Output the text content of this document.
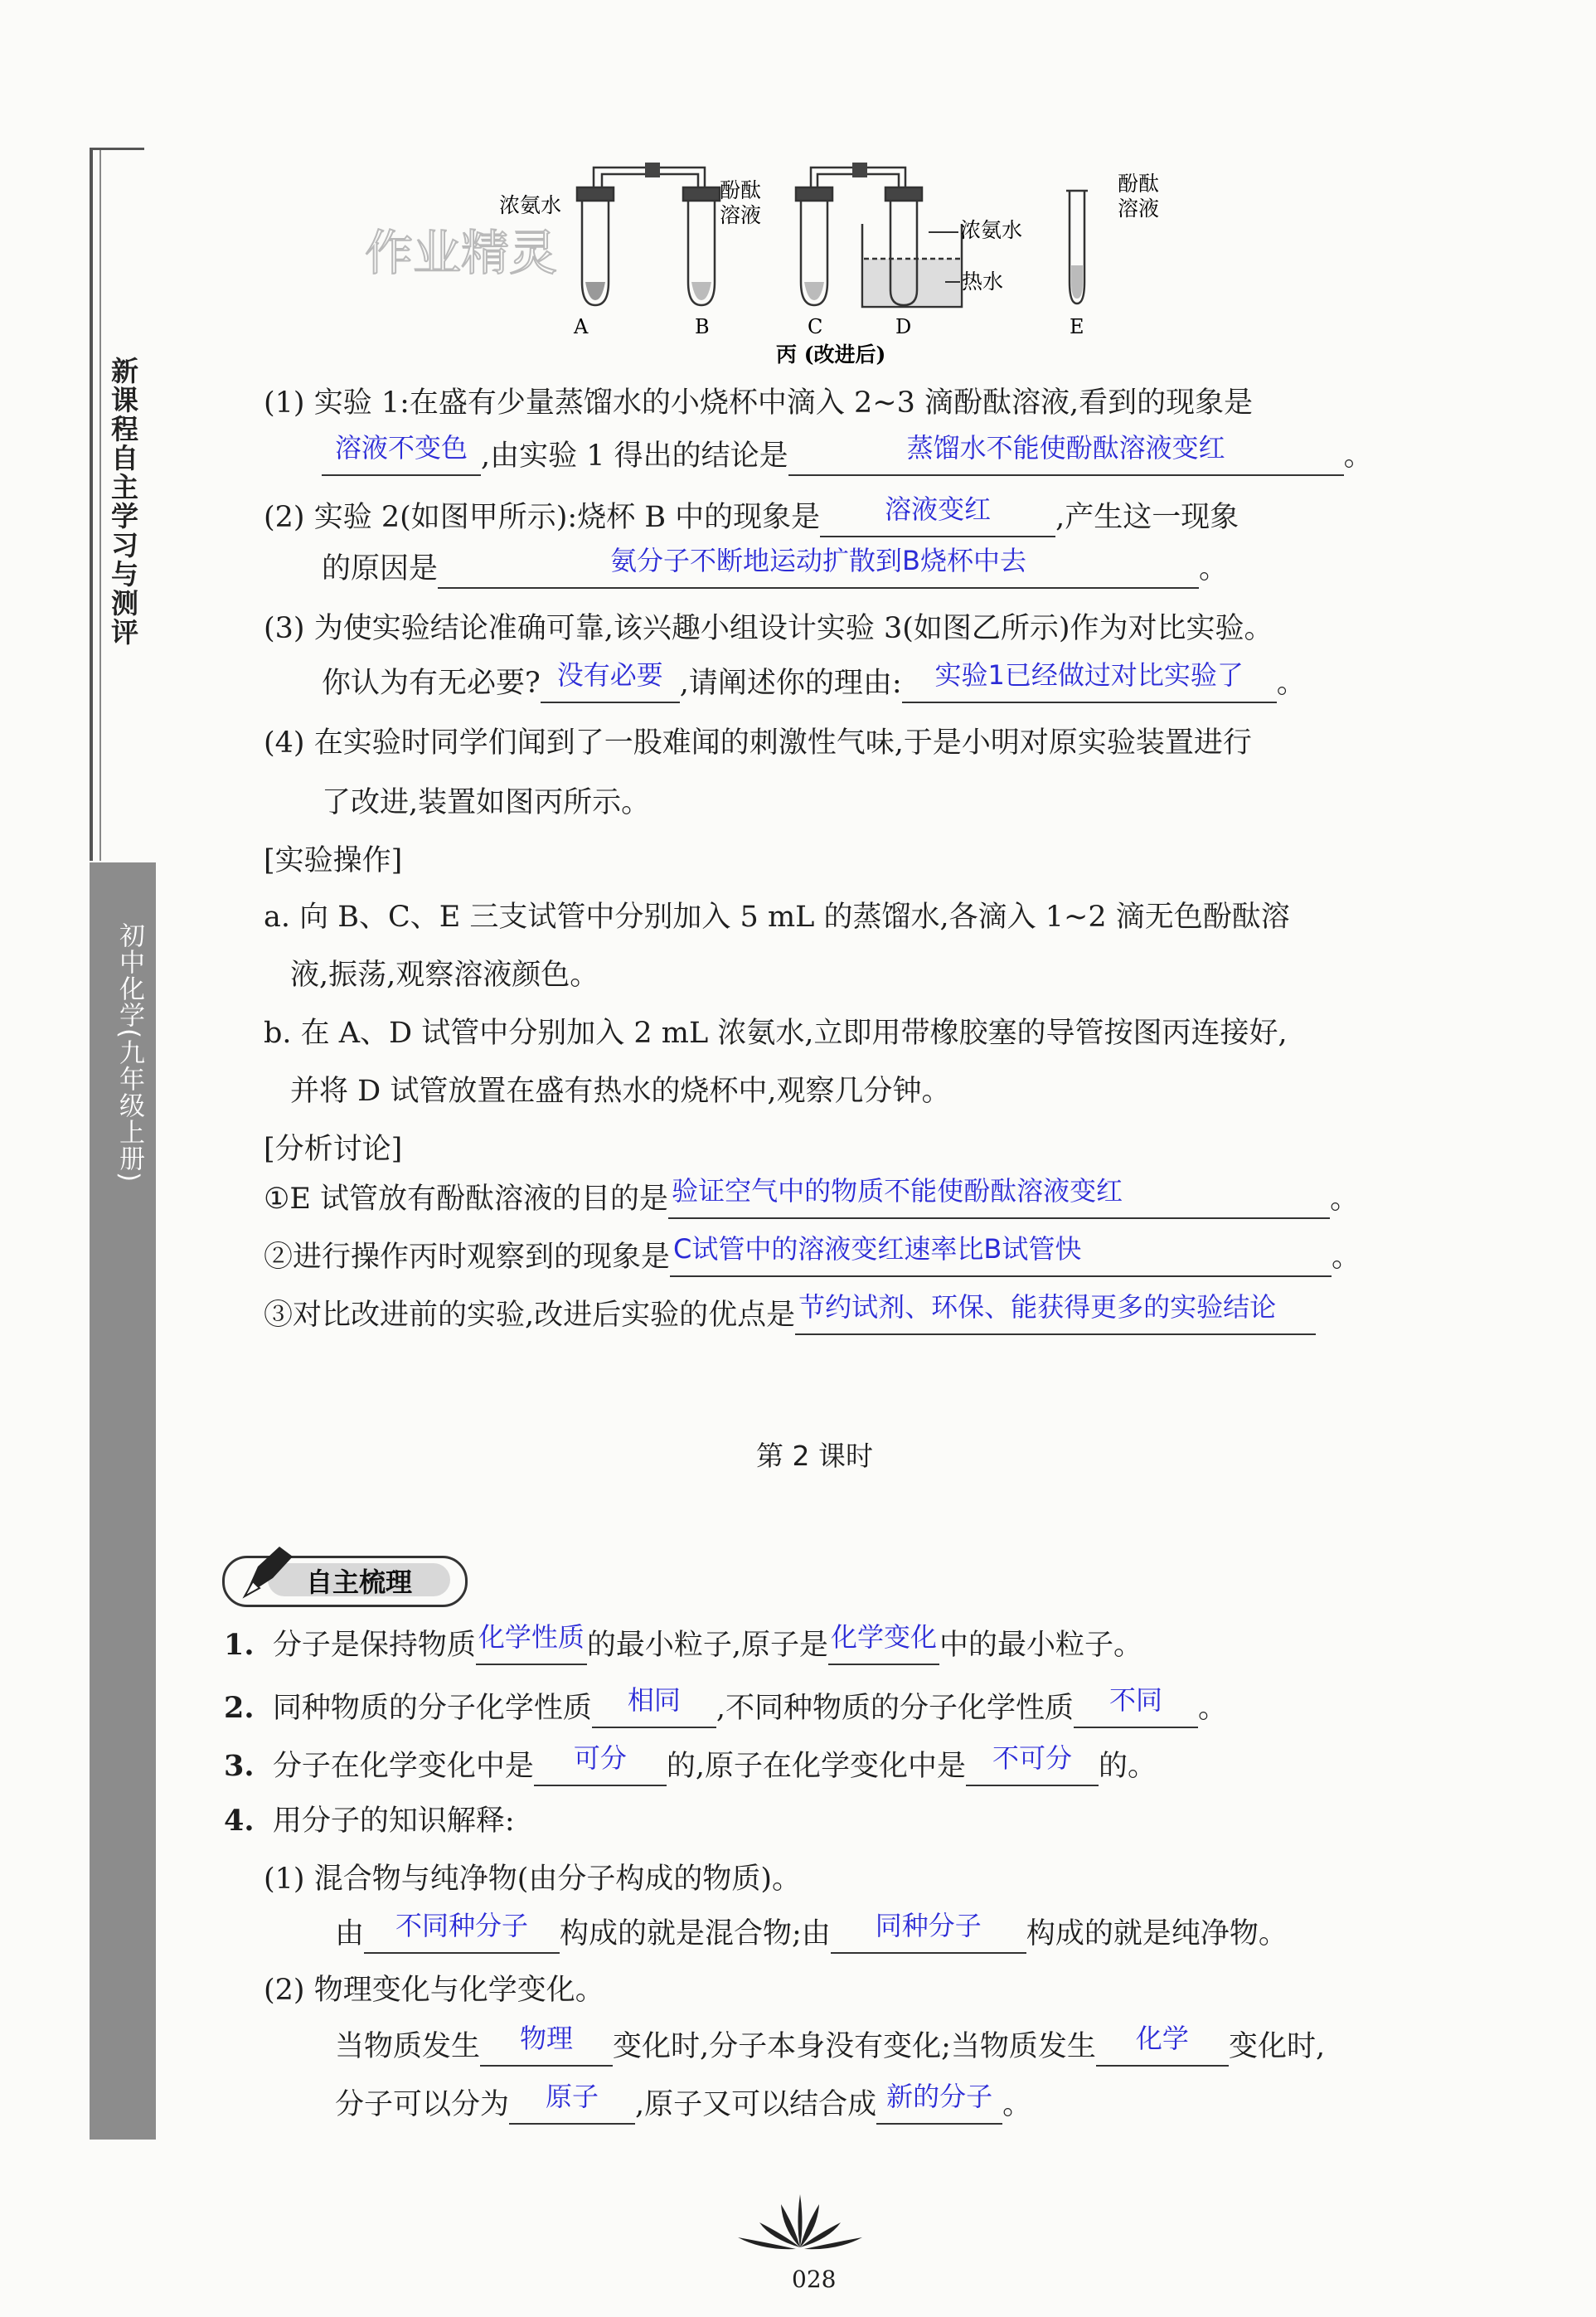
新课程自主学习与测评
初中化学(九年级上册)
作业精灵
浓氨水
酚酞
溶液
浓氨水
热水
酚酞
溶液
A	B	C	D	E
丙 (改进后)
(1) 实验 1:在盛有少量蒸馏水的小烧杯中滴入 2~3 滴酚酞溶液,看到的现象是
溶液不变色 ,由实验 1 得出的结论是	蒸馏水不能使酚酞溶液变红	。
(2) 实验 2(如图甲所示):烧杯 B 中的现象是	溶液变红	,产生这一现象
的原因是	氨分子不断地运动扩散到B烧杯中去	。
(3) 为使实验结论准确可靠,该兴趣小组设计实验 3(如图乙所示)作为对比实验。
你认为有无必要? 没有必要 ,请阐述你的理由:	实验1已经做过对比实验了	。
(4) 在实验时同学们闻到了一股难闻的刺激性气味,于是小明对原实验装置进行
了改进,装置如图丙所示。
[实验操作]
a. 向 B、C、E 三支试管中分别加入 5 mL 的蒸馏水,各滴入 1~2 滴无色酚酞溶
液,振荡,观察溶液颜色。
b. 在 A、D 试管中分别加入 2 mL 浓氨水,立即用带橡胶塞的导管按图丙连接好,
并将 D 试管放置在盛有热水的烧杯中,观察几分钟。
[分析讨论]
①E 试管放有酚酞溶液的目的是 验证空气中的物质不能使酚酞溶液变红	。
②进行操作丙时观察到的现象是 C试管中的溶液变红速率比B试管快	。
③对比改进前的实验,改进后实验的优点是 节约试剂、环保、能获得更多的实验结论
第 2 课时
自主梳理
1. 分子是保持物质 化学性质 的最小粒子,原子是 化学变化 中的最小粒子。
2. 同种物质的分子化学性质	相同	,不同种物质的分子化学性质	不同	。
3. 分子在化学变化中是	可分	的,原子在化学变化中是 不可分 的。
4. 用分子的知识解释:
(1) 混合物与纯净物(由分子构成的物质)。
由	不同种分子	构成的就是混合物;由	同种分子	构成的就是纯净物。
(2) 物理变化与化学变化。
当物质发生	物理	变化时,分子本身没有变化;当物质发生	化学	变化时,
分子可以分为	原子	,原子又可以结合成 新的分子 。
028
